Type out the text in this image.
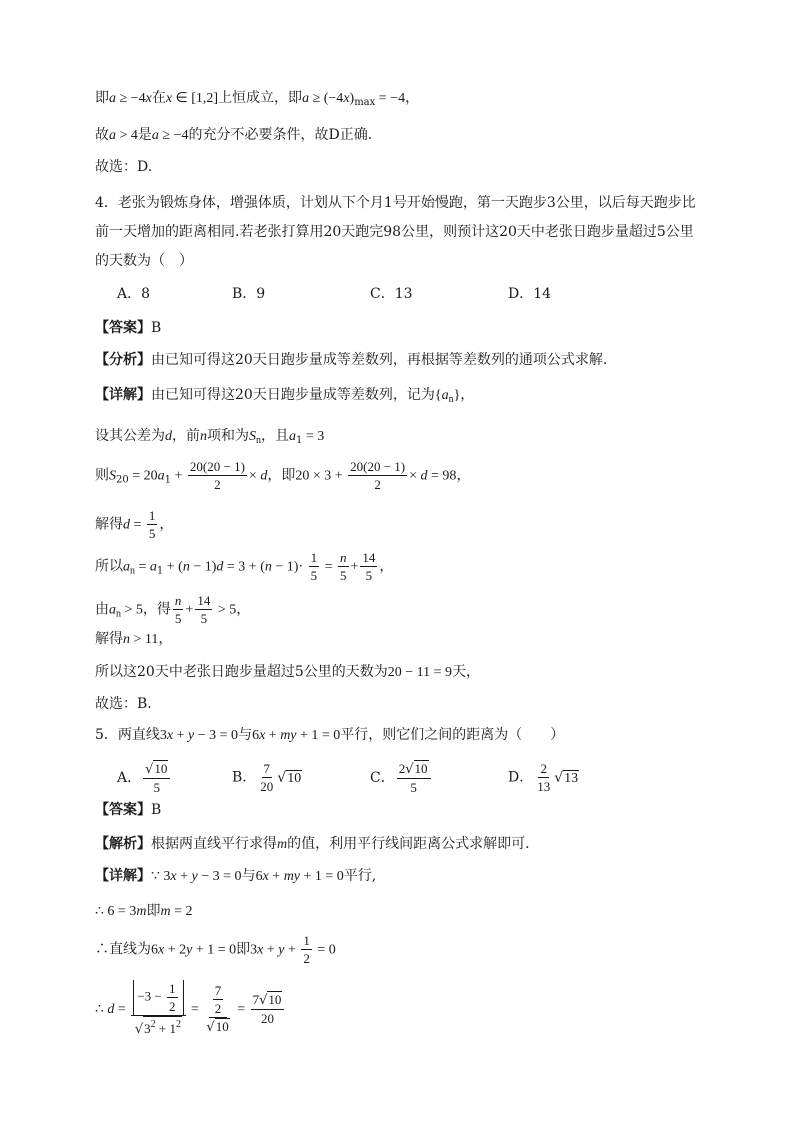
即a ≥ −4x在x ∈ [1,2]上恒成立，即$a \ge (-4x)_{max} = -4$，
故a > 4是a ≥ −4的充分不必要条件，故D正确.
故选：D.
4．老张为锻炼身体，增强体质，计划从下个月1号开始慢跑，第一天跑步3公里，以后每天跑步比
前一天增加的距离相同.若老张打算用20天跑完98公里，则预计这20天中老张日跑步量超过5公里
的天数为（　）
A．8	B．9	C．13	D．14
【答案】B
【分析】由已知可得这20天日跑步量成等差数列，再根据等差数列的通项公式求解.
【详解】由已知可得这20天日跑步量成等差数列，记为$\{a_n\}$，
设其公差为d，前n项和为$S_n$，且$a_1 = 3$
则$S_{20} = 20a_1 + \frac{20(20 - 1)}{2} \times d$，即$20 \times 3 + \frac{20(20 - 1)}{2} \times d = 98$，
解得$d = \frac{1}{5}$ ，
所以$a_n = a_1 + (n - 1)d = 3 + (n - 1)\cdot \frac{1}{5} = \frac{n}{5} + \frac{14}{5}$ ，
由$a_n > 5$，得 $\frac{n}{5} + \frac{14}{5} > 5$，
解得n > 11，
所以这20天中老张日跑步量超过5公里的天数为20 − 11 = 9天，
故选：B.
5．两直线3x + y − 3 = 0与6x + my + 1 = 0平行，则它们之间的距离为（　　）
A． $\frac{√10}{5}$	B． $\frac{7}{20} √10$	C． $\frac{2√10}{5}$	D． $\frac{2}{13} √13$
【答案】B
【解析】根据两直线平行求得m的值，利用平行线间距离公式求解即可.
【详解】∵ 3x + y − 3 = 0与6x + my + 1 = 0平行,
∴ 6 = 3m即m = 2
∴直线为6x + 2y + 1 = 0即$3x + y + \frac{1}{2} = 0$
∴ $d = \frac{-3 - \frac{1}{2}}{√3^2 + 1^2} = \frac{\frac{7}{2}}{√10} = \frac{7√10}{20}$
